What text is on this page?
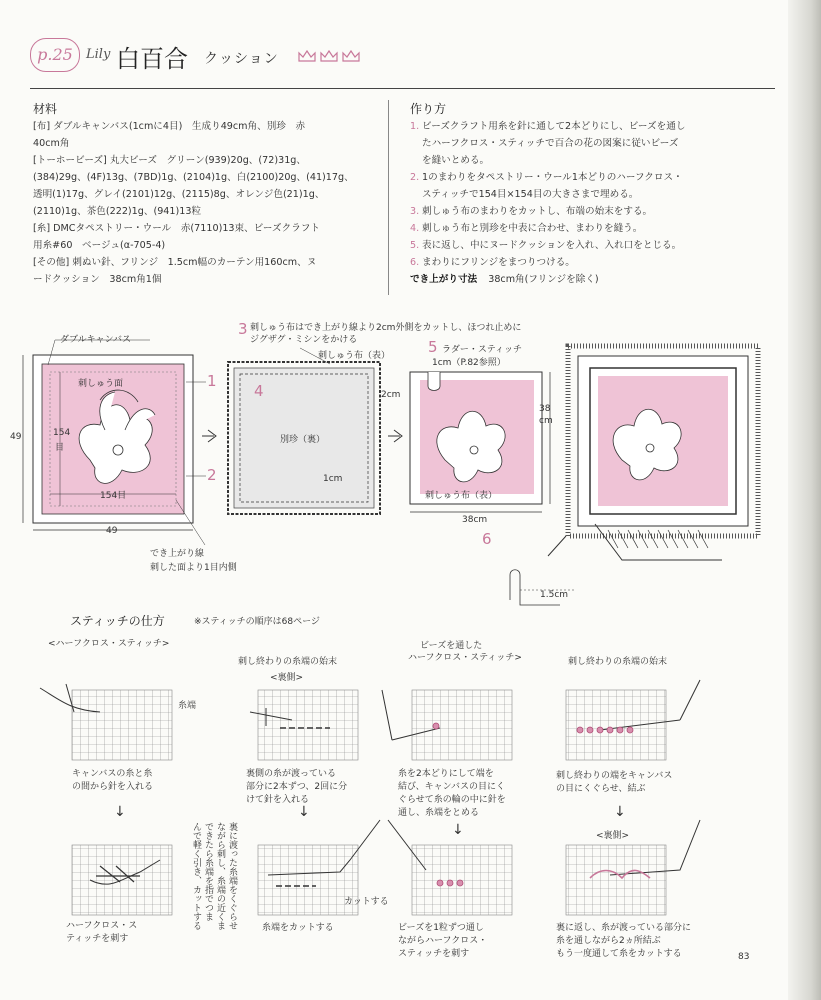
p.25	Lily 白百合 クッション
材料
[布] ダブルキャンバス(1cmに4目)　生成り49cm角、別珍　赤
40cm角
[トーホービーズ] 丸大ビーズ　グリーン(939)20g、(72)31g、
(384)29g、(4F)13g、(7BD)1g、(2104)1g、白(2100)20g、(41)17g、
透明(1)17g、グレイ(2101)12g、(2115)8g、オレンジ色(21)1g、
(2110)1g、茶色(222)1g、(941)13粒
[糸] DMCタペストリー・ウール　赤(7110)13束、ビーズクラフト
用糸#60　ベージュ(α-705-4)
[その他] 刺ぬい針、フリンジ　1.5cm幅のカーテン用160cm、ヌ
ードクッション　38cm角1個
作り方
1. ビーズクラフト用糸を針に通して2本どりにし、ビーズを通し
たハーフクロス・スティッチで百合の花の図案に従いビーズ
を縫いとめる。
2. 1のまわりをタペストリー・ウール1本どりのハーフクロス・
スティッチで154目×154目の大きさまで埋める。
3. 刺しゅう布のまわりをカットし、布端の始末をする。
4. 刺しゅう布と別珍を中表に合わせ、まわりを縫う。
5. 表に返し、中にヌードクッションを入れ、入れ口をとじる。
6. まわりにフリンジをまつりつける。
でき上がり寸法 38cm角(フリンジを除く)
ダブルキャンバス
刺しゅう面
154
目
154目
49
49
でき上がり線
刺した面より1目内側
1
2
3
4
5
6
刺しゅう布はでき上がり線より2cm外側をカットし、ほつれ止めに
ジグザグ・ミシンをかける
刺しゅう布（表）
別珍（裏）
2cm
1cm
ラダー・スティッチ
1cm（P.82参照）
38
cm
刺しゅう布（表）
38cm
1.5cm
スティッチの仕方	※スティッチの順序は68ページ
<ハーフクロス・スティッチ>
刺し終わりの糸端の始末
<裏側>
ビーズを通した
ハーフクロス・スティッチ>	刺し終わりの糸端の始末
糸端
キャンバスの糸と糸
の間から針を入れる
↓
ハーフクロス・ス
ティッチを刺す
裏に渡った糸端をくぐらせ
ながら刺し、糸端の近くま
できたら糸端を指でつま
んで軽く引き、カットする
裏側の糸が渡っている
部分に2本ずつ、2回に分
けて針を入れる
↓
カットする
糸端をカットする
糸を2本どりにして端を
結び、キャンバスの目にく
ぐらせて糸の輪の中に針を
通し、糸端をとめる
↓
ビーズを1粒ずつ通し
ながらハーフクロス・
スティッチを刺す
刺し終わりの端をキャンバス
の目にくぐらせ、結ぶ
↓
<裏側>
裏に返し、糸が渡っている部分に
糸を通しながら2ヵ所結ぶ
もう一度通して糸をカットする	83
